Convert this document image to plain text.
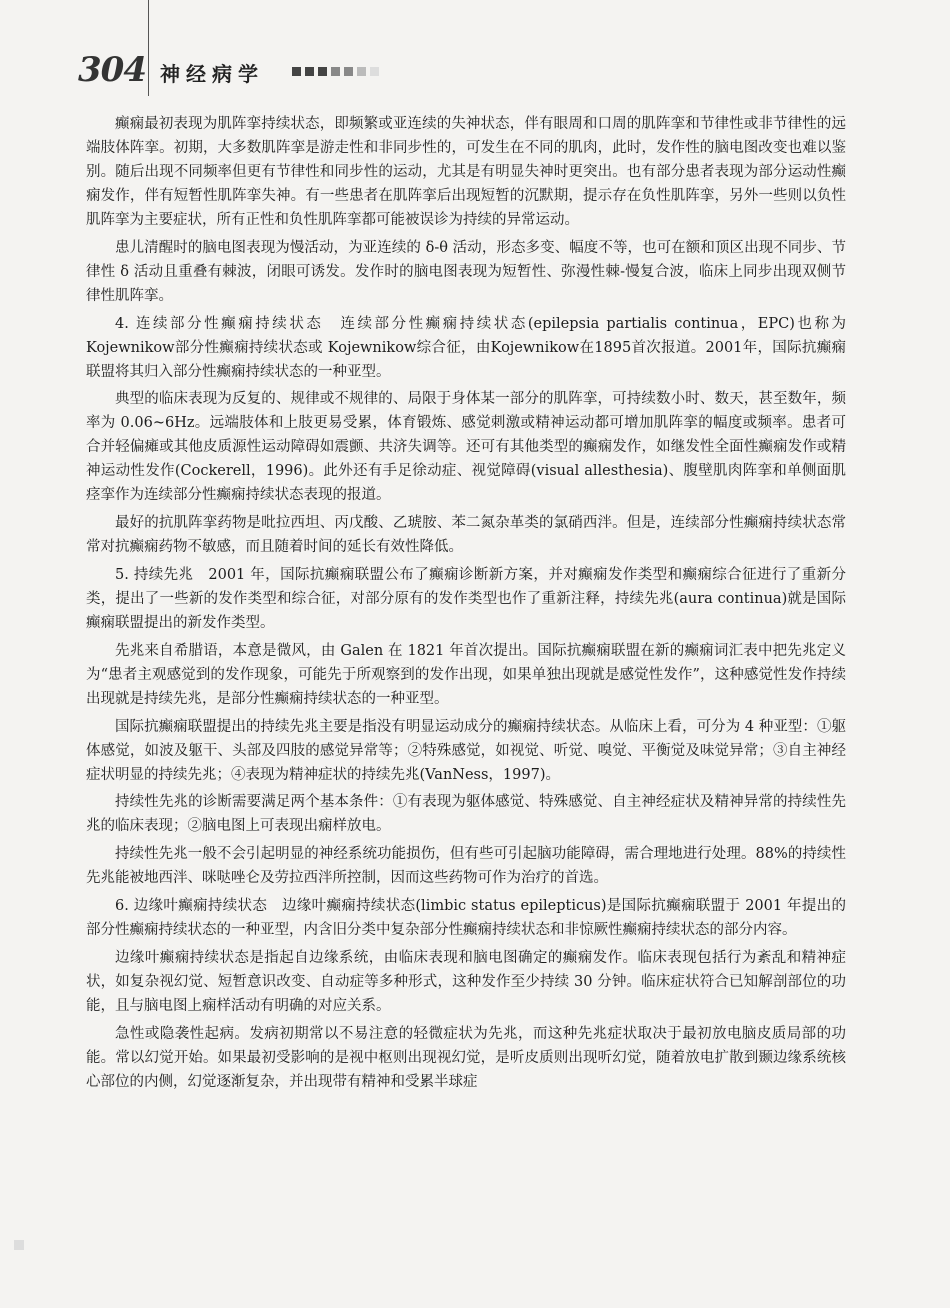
304 神经病学

癫痫最初表现为肌阵挛持续状态，即频繁或亚连续的失神状态，伴有眼周和口周的肌阵挛和节律性或非节律性的远端肢体阵挛。初期，大多数肌阵挛是游走性和非同步性的，可发生在不同的肌肉，此时，发作性的脑电图改变也难以鉴别。随后出现不同频率但更有节律性和同步性的运动，尤其是有明显失神时更突出。也有部分患者表现为部分运动性癫痫发作，伴有短暂性肌阵挛失神。有一些患者在肌阵挛后出现短暂的沉默期，提示存在负性肌阵挛，另外一些则以负性肌阵挛为主要症状，所有正性和负性肌阵挛都可能被误诊为持续的异常运动。

患儿清醒时的脑电图表现为慢活动，为亚连续的 δ-θ 活动，形态多变、幅度不等，也可在额和顶区出现不同步、节律性 δ 活动且重叠有棘波，闭眼可诱发。发作时的脑电图表现为短暂性、弥漫性棘-慢复合波，临床上同步出现双侧节律性肌阵挛。

4. 连续部分性癫痫持续状态　连续部分性癫痫持续状态(epilepsia partialis continua，EPC)也称为Kojewnikow部分性癫痫持续状态或 Kojewnikow综合征，由Kojewnikow在1895首次报道。2001年，国际抗癫痫联盟将其归入部分性癫痫持续状态的一种亚型。

典型的临床表现为反复的、规律或不规律的、局限于身体某一部分的肌阵挛，可持续数小时、数天，甚至数年，频率为 0.06~6Hz。远端肢体和上肢更易受累，体育锻炼、感觉刺激或精神运动都可增加肌阵挛的幅度或频率。患者可合并轻偏瘫或其他皮质源性运动障碍如震颤、共济失调等。还可有其他类型的癫痫发作，如继发性全面性癫痫发作或精神运动性发作(Cockerell，1996)。此外还有手足徐动症、视觉障碍(visual allesthesia)、腹壁肌肉阵挛和单侧面肌痉挛作为连续部分性癫痫持续状态表现的报道。

最好的抗肌阵挛药物是吡拉西坦、丙戊酸、乙琥胺、苯二氮杂革类的氯硝西泮。但是，连续部分性癫痫持续状态常常对抗癫痫药物不敏感，而且随着时间的延长有效性降低。

5. 持续先兆　2001 年，国际抗癫痫联盟公布了癫痫诊断新方案，并对癫痫发作类型和癫痫综合征进行了重新分类，提出了一些新的发作类型和综合征，对部分原有的发作类型也作了重新注释，持续先兆(aura continua)就是国际癫痫联盟提出的新发作类型。

先兆来自希腊语，本意是微风，由 Galen 在 1821 年首次提出。国际抗癫痫联盟在新的癫痫词汇表中把先兆定义为“患者主观感觉到的发作现象，可能先于所观察到的发作出现，如果单独出现就是感觉性发作”，这种感觉性发作持续出现就是持续先兆，是部分性癫痫持续状态的一种亚型。

国际抗癫痫联盟提出的持续先兆主要是指没有明显运动成分的癫痫持续状态。从临床上看，可分为 4 种亚型：①躯体感觉，如波及躯干、头部及四肢的感觉异常等；②特殊感觉，如视觉、听觉、嗅觉、平衡觉及味觉异常；③自主神经症状明显的持续先兆；④表现为精神症状的持续先兆(VanNess，1997)。

持续性先兆的诊断需要满足两个基本条件：①有表现为躯体感觉、特殊感觉、自主神经症状及精神异常的持续性先兆的临床表现；②脑电图上可表现出痫样放电。

持续性先兆一般不会引起明显的神经系统功能损伤，但有些可引起脑功能障碍，需合理地进行处理。88%的持续性先兆能被地西泮、咪哒唑仑及劳拉西泮所控制，因而这些药物可作为治疗的首选。

6. 边缘叶癫痫持续状态　边缘叶癫痫持续状态(limbic status epilepticus)是国际抗癫痫联盟于 2001 年提出的部分性癫痫持续状态的一种亚型，内含旧分类中复杂部分性癫痫持续状态和非惊厥性癫痫持续状态的部分内容。

边缘叶癫痫持续状态是指起自边缘系统，由临床表现和脑电图确定的癫痫发作。临床表现包括行为紊乱和精神症状，如复杂视幻觉、短暂意识改变、自动症等多种形式，这种发作至少持续 30 分钟。临床症状符合已知解剖部位的功能，且与脑电图上痫样活动有明确的对应关系。

急性或隐袭性起病。发病初期常以不易注意的轻微症状为先兆，而这种先兆症状取决于最初放电脑皮质局部的功能。常以幻觉开始。如果最初受影响的是视中枢则出现视幻觉，是听皮质则出现听幻觉，随着放电扩散到颞边缘系统核心部位的内侧，幻觉逐渐复杂，并出现带有精神和受累半球症
